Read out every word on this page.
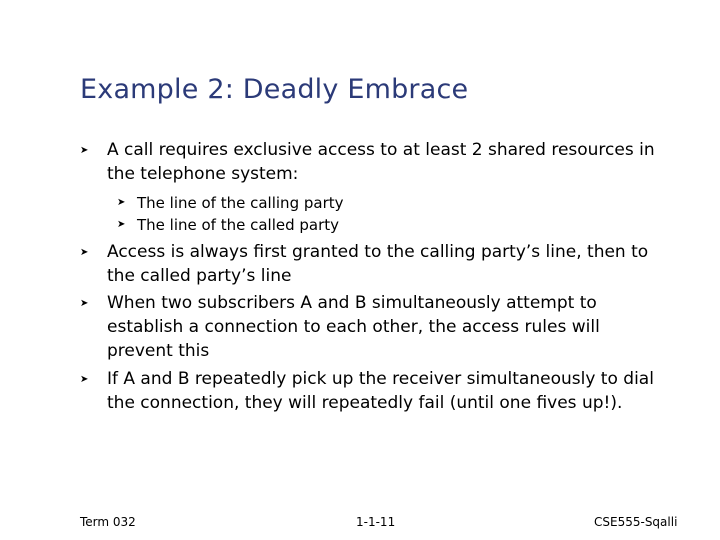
Example 2: Deadly Embrace
➤ A call requires exclusive access to at least 2 shared resources in
the telephone system:
➤ The line of the calling party
➤ The line of the called party
➤ Access is always first granted to the calling party’s line, then to
the called party’s line
➤ When two subscribers A and B simultaneously attempt to
establish a connection to each other, the access rules will
prevent this
➤ If A and B repeatedly pick up the receiver simultaneously to dial
the connection, they will repeatedly fail (until one fives up!).
Term 032	1-1-11	CSE555-Sqalli
